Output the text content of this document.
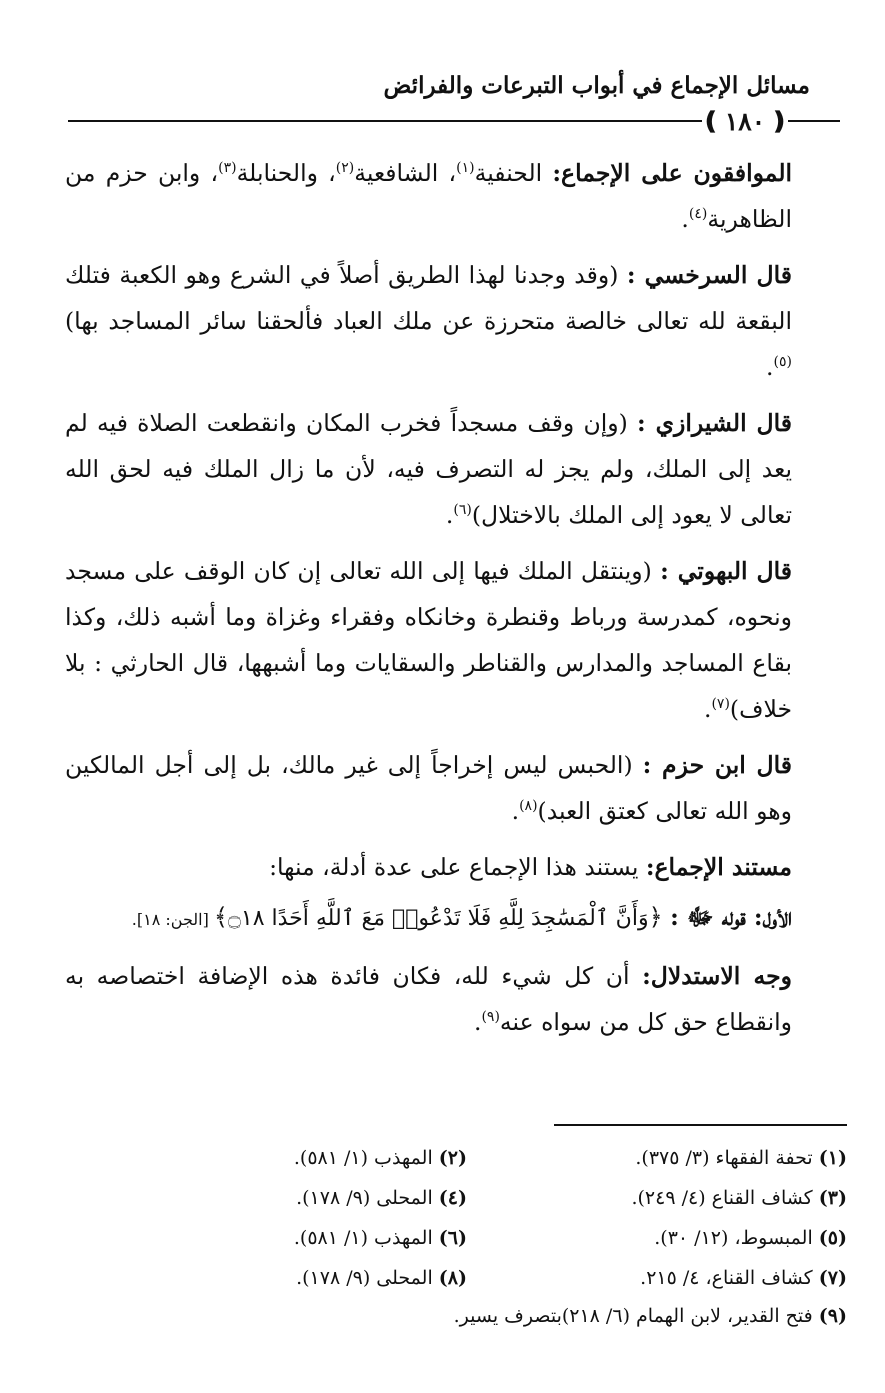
مسائل الإجماع في أبواب التبرعات والفرائض
❪
١٨٠
❫

الموافقون على الإجماع: الحنفية$^{(١)}$، الشافعية$^{(٢)}$، والحنابلة$^{(٣)}$، وابن حزم من الظاهرية$^{(٤)}$.

قال السرخسي : (وقد وجدنا لهذا الطريق أصلاً في الشرع وهو الكعبة فتلك البقعة لله تعالى خالصة متحرزة عن ملك العباد فألحقنا سائر المساجد بها)$^{(٥)}$.

قال الشيرازي : (وإن وقف مسجداً فخرب المكان وانقطعت الصلاة فيه لم يعد إلى الملك، ولم يجز له التصرف فيه، لأن ما زال الملك فيه لحق الله تعالى لا يعود إلى الملك بالاختلال)$^{(٦)}$.

قال البهوتي : (وينتقل الملك فيها إلى الله تعالى إن كان الوقف على مسجد ونحوه، كمدرسة ورباط وقنطرة وخانكاه وفقراء وغزاة وما أشبه ذلك، وكذا بقاع المساجد والمدارس والقناطر والسقايات وما أشبهها، قال الحارثي : بلا خلاف)$^{(٧)}$.

قال ابن حزم : (الحبس ليس إخراجاً إلى غير مالك، بل إلى أجل المالكين وهو الله تعالى كعتق العبد)$^{(٨)}$.

مستند الإجماع: يستند هذا الإجماع على عدة أدلة، منها:

الأول: قوله ﷻ : ﴿وَأَنَّ ٱلْمَسَٰجِدَ لِلَّهِ فَلَا تَدْعُوا۟ مَعَ ٱللَّهِ أَحَدًا ۝١٨﴾ [الجن: ١٨].

وجه الاستدلال: أن كل شيء لله، فكان فائدة هذه الإضافة اختصاصه به وانقطاع حق كل من سواه عنه$^{(٩)}$.

(١) تحفة الفقهاء (٣/ ٣٧٥).
(٢) المهذب (١/ ٥٨١).
(٣) كشاف القناع (٤/ ٢٤٩).
(٤) المحلى (٩/ ١٧٨).
(٥) المبسوط، (١٢/ ٣٠).
(٦) المهذب (١/ ٥٨١).
(٧) كشاف القناع، ٤/ ٢١٥.
(٨) المحلى (٩/ ١٧٨).
(٩) فتح القدير، لابن الهمام (٦/ ٢١٨)بتصرف يسير.
